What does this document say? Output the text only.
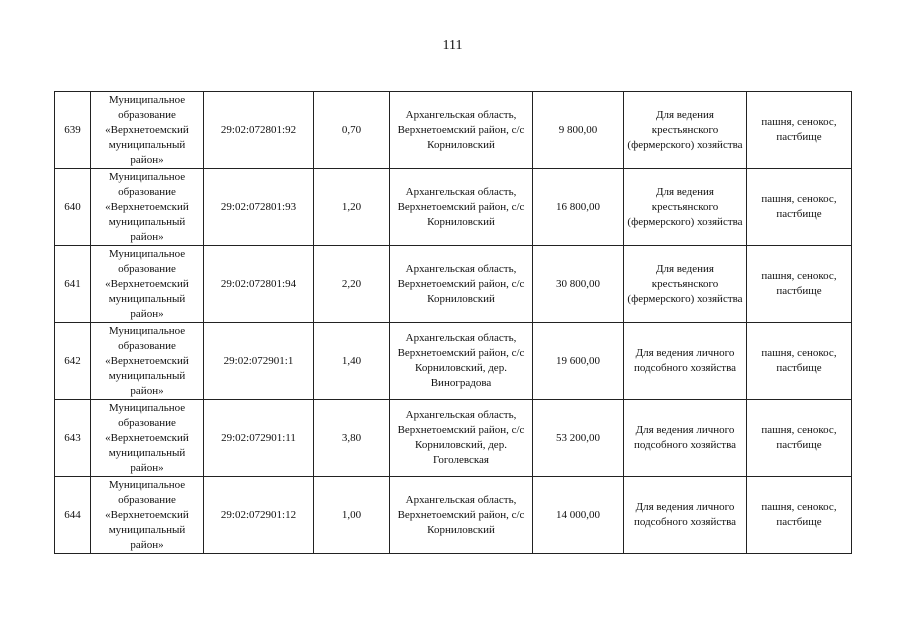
111
639	Муниципальное образование «Верхнетоемский муниципальный район»	29:02:072801:92	0,70	Архангельская область, Верхнетоемский район, с/с Корниловский	9 800,00	Для ведения крестьянского (фермерского) хозяйства	пашня, сенокос, пастбище
640	Муниципальное образование «Верхнетоемский муниципальный район»	29:02:072801:93	1,20	Архангельская область, Верхнетоемский район, с/с Корниловский	16 800,00	Для ведения крестьянского (фермерского) хозяйства	пашня, сенокос, пастбище
641	Муниципальное образование «Верхнетоемский муниципальный район»	29:02:072801:94	2,20	Архангельская область, Верхнетоемский район, с/с Корниловский	30 800,00	Для ведения крестьянского (фермерского) хозяйства	пашня, сенокос, пастбище
642	Муниципальное образование «Верхнетоемский муниципальный район»	29:02:072901:1	1,40	Архангельская область, Верхнетоемский район, с/с Корниловский, дер. Виноградова	19 600,00	Для ведения личного подсобного хозяйства	пашня, сенокос, пастбище
643	Муниципальное образование «Верхнетоемский муниципальный район»	29:02:072901:11	3,80	Архангельская область, Верхнетоемский район, с/с Корниловский, дер. Гоголевская	53 200,00	Для ведения личного подсобного хозяйства	пашня, сенокос, пастбище
644	Муниципальное образование «Верхнетоемский муниципальный район»	29:02:072901:12	1,00	Архангельская область, Верхнетоемский район, с/с Корниловский	14 000,00	Для ведения личного подсобного хозяйства	пашня, сенокос, пастбище
